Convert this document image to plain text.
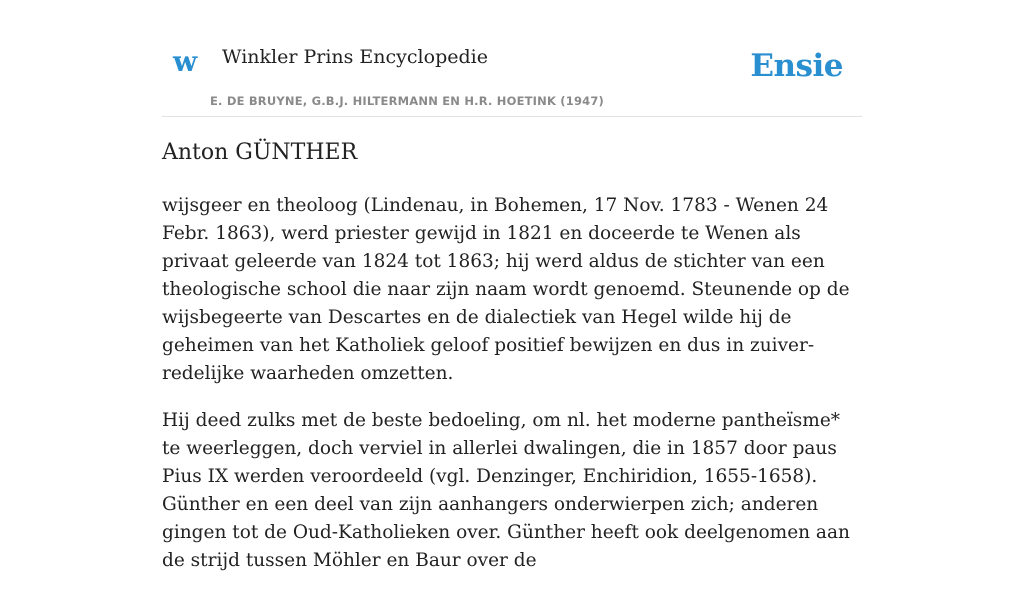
w Winkler Prins Encyclopedie
E. DE BRUYNE, G.B.J. HILTERMANN EN H.R. HOETINK (1947)
Ensie
Anton GÜNTHER

wijsgeer en theoloog (Lindenau, in Bohemen, 17 Nov. 1783 - Wenen 24 Febr. 1863), werd priester gewijd in 1821 en doceerde te Wenen als privaat geleerde van 1824 tot 1863; hij werd aldus de stichter van een theologische school die naar zijn naam wordt genoemd. Steunende op de wijsbegeerte van Descartes en de dialectiek van Hegel wilde hij de geheimen van het Katholiek geloof positief bewijzen en dus in zuiver-redelijke waarheden omzetten.

Hij deed zulks met de beste bedoeling, om nl. het moderne pantheïsme* te weerleggen, doch verviel in allerlei dwalingen, die in 1857 door paus Pius IX werden veroordeeld (vgl. Denzinger, Enchiridion, 1655-1658). Günther en een deel van zijn aanhangers onderwierpen zich; anderen gingen tot de Oud-Katholieken over. Günther heeft ook deelgenomen aan de strijd tussen Möhler en Baur over de
